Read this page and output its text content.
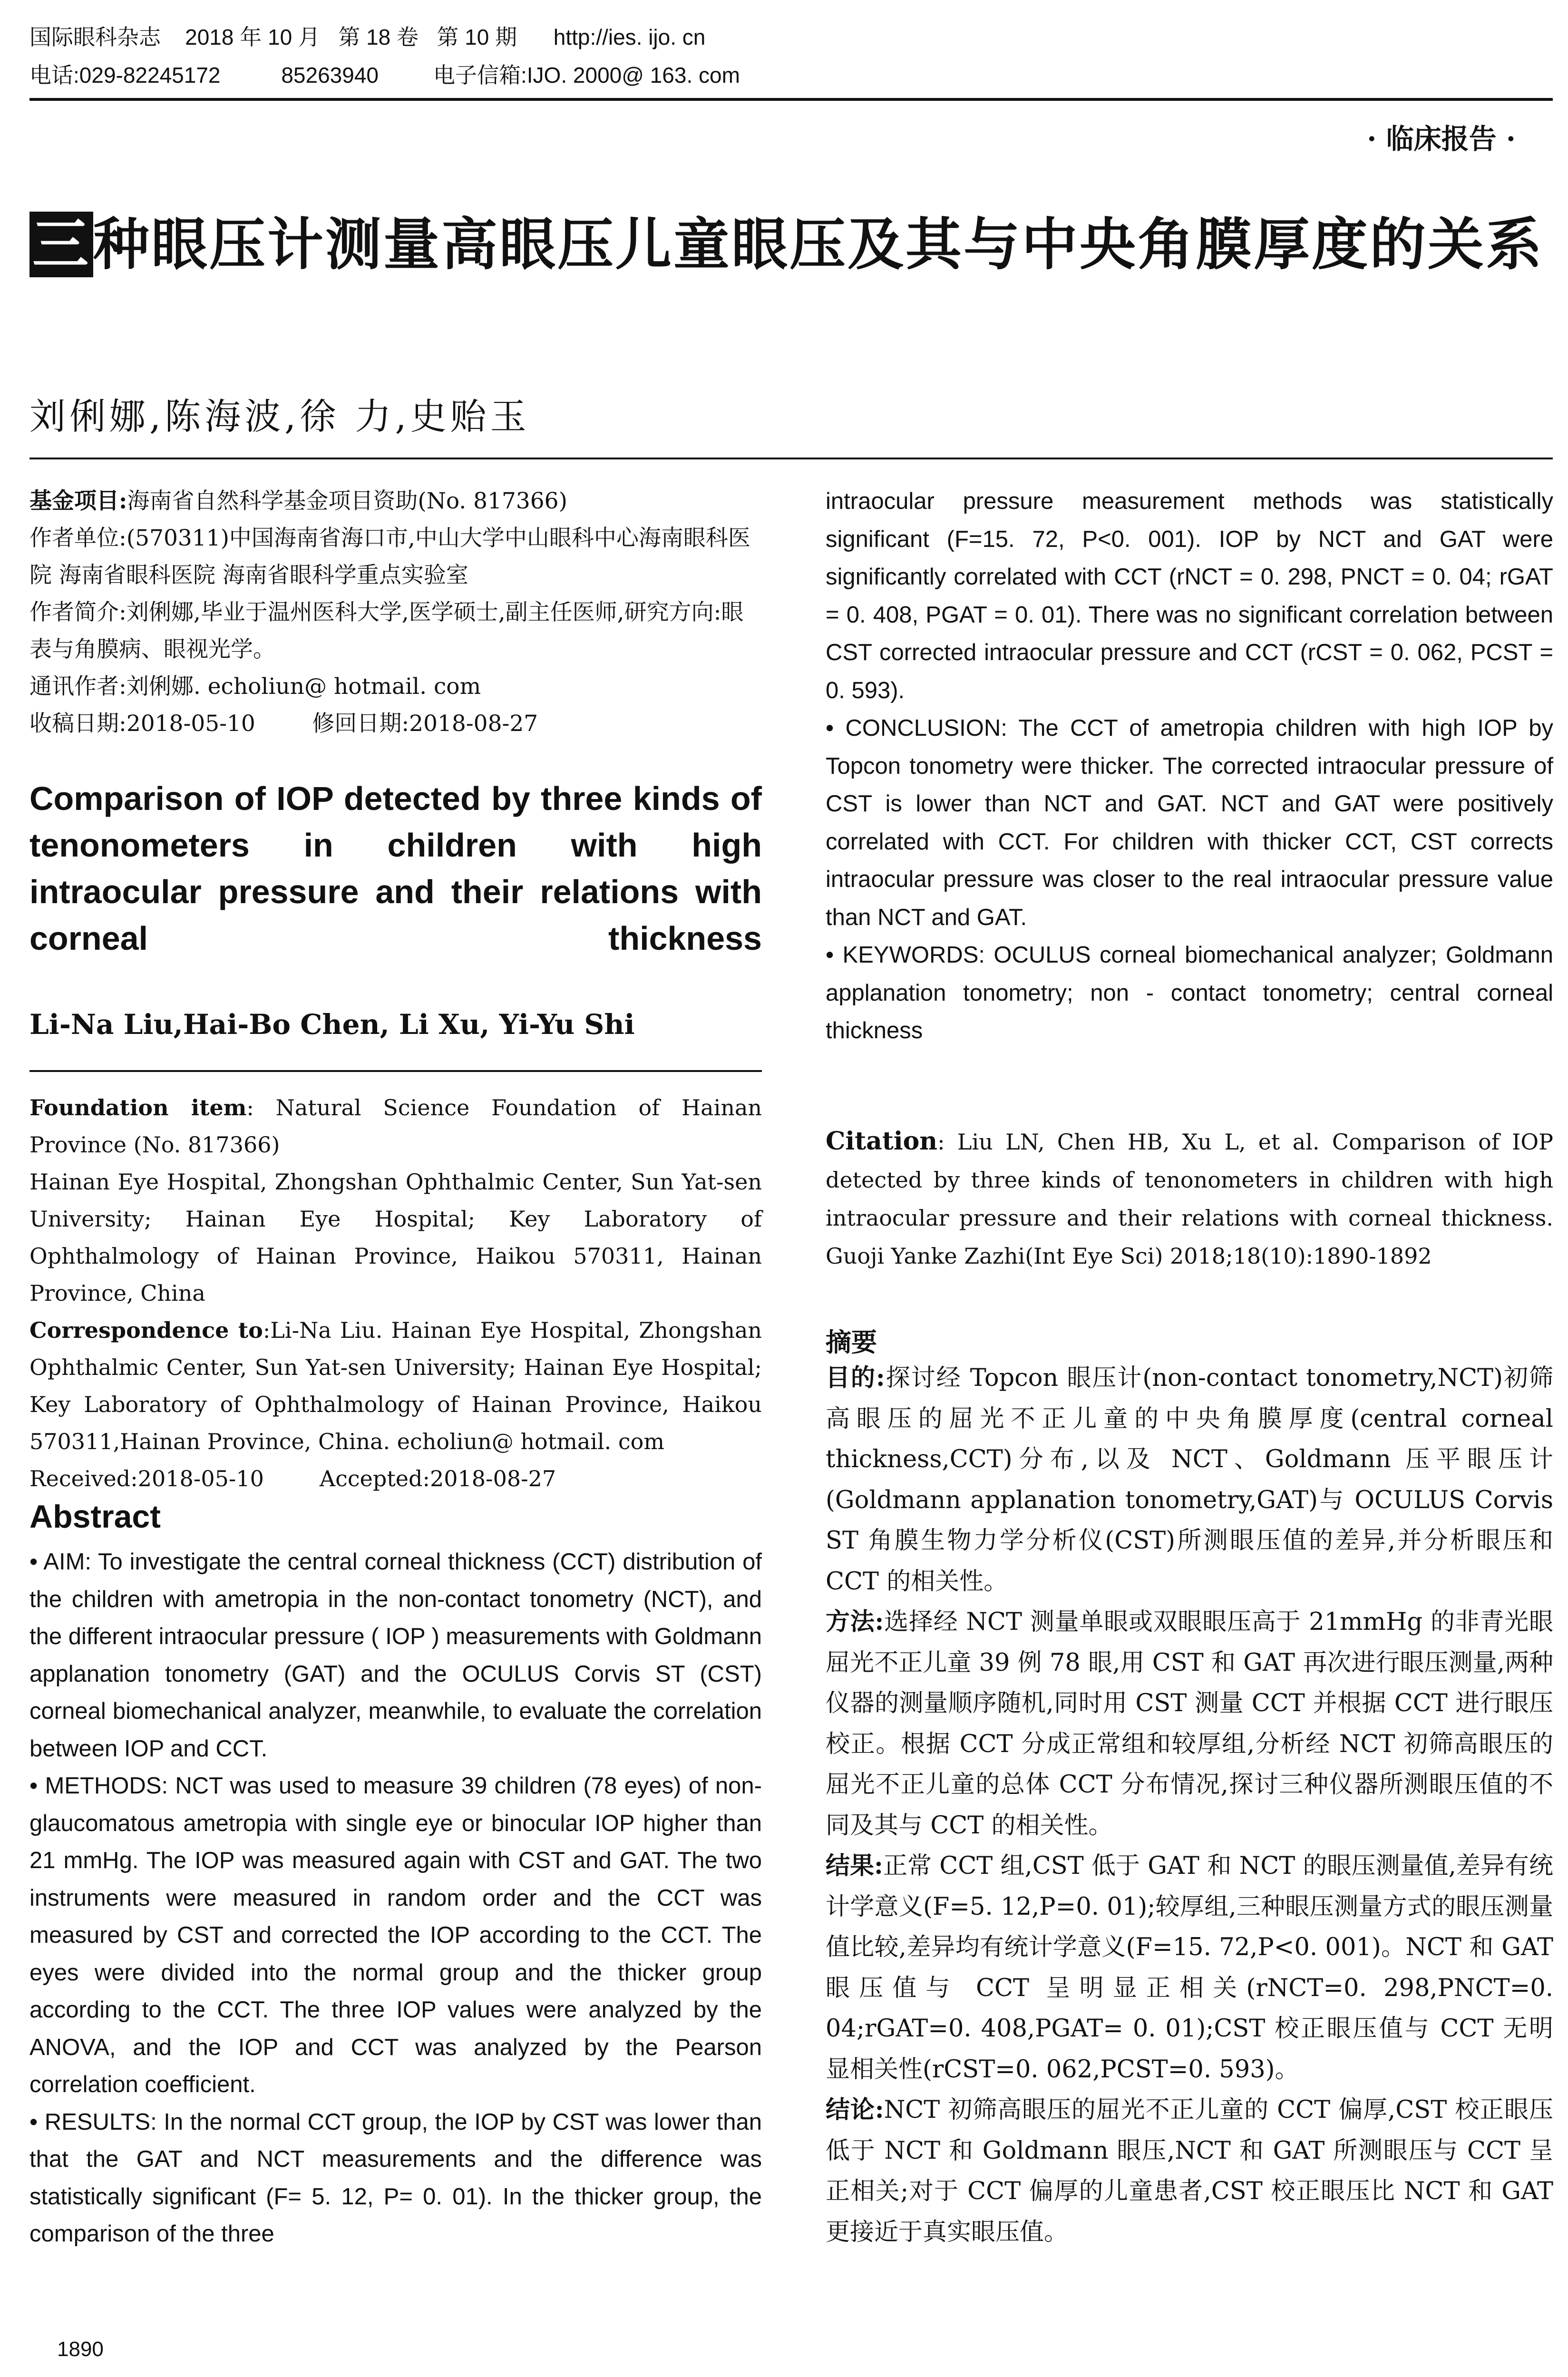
国际眼科杂志    2018 年 10 月   第 18 卷   第 10 期      http://ies. ijo. cn
电话:029-82245172          85263940         电子信箱:IJO. 2000@ 163. com
· 临床报告 ·
三种眼压计测量高眼压儿童眼压及其与中央角膜厚度的关系
刘俐娜,陈海波,徐 力,史贻玉
基金项目:海南省自然科学基金项目资助(No. 817366)
作者单位:(570311)中国海南省海口市,中山大学中山眼科中心海南眼科医院 海南省眼科医院 海南省眼科学重点实验室
作者简介:刘俐娜,毕业于温州医科大学,医学硕士,副主任医师,研究方向:眼表与角膜病、眼视光学。
通讯作者:刘俐娜. echoliun@ hotmail. com
收稿日期:2018-05-10        修回日期:2018-08-27
Comparison of IOP detected by three kinds of tenonometers in children with high intraocular pressure and their relations with corneal thickness
Li-Na Liu,Hai-Bo Chen, Li Xu, Yi-Yu Shi
Foundation item: Natural Science Foundation of Hainan Province (No. 817366)
Hainan Eye Hospital, Zhongshan Ophthalmic Center, Sun Yat-sen University; Hainan Eye Hospital; Key Laboratory of Ophthalmology of Hainan Province, Haikou 570311, Hainan Province, China
Correspondence to:Li-Na Liu. Hainan Eye Hospital, Zhongshan Ophthalmic Center, Sun Yat-sen University; Hainan Eye Hospital; Key Laboratory of Ophthalmology of Hainan Province, Haikou 570311,Hainan Province, China. echoliun@ hotmail. com
Received:2018-05-10        Accepted:2018-08-27
Abstract

• AIM: To investigate the central corneal thickness (CCT) distribution of the children with ametropia in the non-contact tonometry (NCT), and the different intraocular pressure ( IOP ) measurements with Goldmann applanation tonometry (GAT) and the OCULUS Corvis ST (CST) corneal biomechanical analyzer, meanwhile, to evaluate the correlation between IOP and CCT.

• METHODS: NCT was used to measure 39 children (78 eyes) of non-glaucomatous ametropia with single eye or binocular IOP higher than 21 mmHg. The IOP was measured again with CST and GAT. The two instruments were measured in random order and the CCT was measured by CST and corrected the IOP according to the CCT. The eyes were divided into the normal group and the thicker group according to the CCT. The three IOP values were analyzed by the ANOVA, and the IOP and CCT was analyzed by the Pearson correlation coefficient.

• RESULTS: In the normal CCT group, the IOP by CST was lower than that the GAT and NCT measurements and the difference was statistically significant (F= 5. 12, P= 0. 01). In the thicker group, the comparison of the three

intraocular pressure measurement methods was statistically significant (F=15. 72, P<0. 001). IOP by NCT and GAT were significantly correlated with CCT (rNCT = 0. 298, PNCT = 0. 04; rGAT = 0. 408, PGAT = 0. 01). There was no significant correlation between CST corrected intraocular pressure and CCT (rCST = 0. 062, PCST = 0. 593).

• CONCLUSION: The CCT of ametropia children with high IOP by Topcon tonometry were thicker. The corrected intraocular pressure of CST is lower than NCT and GAT. NCT and GAT were positively correlated with CCT. For children with thicker CCT, CST corrects intraocular pressure was closer to the real intraocular pressure value than NCT and GAT.

• KEYWORDS: OCULUS corneal biomechanical analyzer; Goldmann applanation tonometry; non - contact tonometry; central corneal thickness

Citation: Liu LN, Chen HB, Xu L, et al. Comparison of IOP detected by three kinds of tenonometers in children with high intraocular pressure and their relations with corneal thickness. Guoji Yanke Zazhi(Int Eye Sci) 2018;18(10):1890-1892
摘要

目的:探讨经 Topcon 眼压计(non-contact tonometry,NCT)初筛高眼压的屈光不正儿童的中央角膜厚度(central corneal thickness,CCT)分布,以及 NCT、Goldmann 压平眼压计(Goldmann applanation tonometry,GAT)与 OCULUS Corvis ST 角膜生物力学分析仪(CST)所测眼压值的差异,并分析眼压和 CCT 的相关性。

方法:选择经 NCT 测量单眼或双眼眼压高于 21mmHg 的非青光眼屈光不正儿童 39 例 78 眼,用 CST 和 GAT 再次进行眼压测量,两种仪器的测量顺序随机,同时用 CST 测量 CCT 并根据 CCT 进行眼压校正。根据 CCT 分成正常组和较厚组,分析经 NCT 初筛高眼压的屈光不正儿童的总体 CCT 分布情况,探讨三种仪器所测眼压值的不同及其与 CCT 的相关性。

结果:正常 CCT 组,CST 低于 GAT 和 NCT 的眼压测量值,差异有统计学意义(F=5. 12,P=0. 01);较厚组,三种眼压测量方式的眼压测量值比较,差异均有统计学意义(F=15. 72,P<0. 001)。NCT 和 GAT 眼压值与 CCT 呈明显正相关(rNCT=0. 298,PNCT=0. 04;rGAT=0. 408,PGAT= 0. 01);CST 校正眼压值与 CCT 无明显相关性(rCST=0. 062,PCST=0. 593)。

结论:NCT 初筛高眼压的屈光不正儿童的 CCT 偏厚,CST 校正眼压低于 NCT 和 Goldmann 眼压,NCT 和 GAT 所测眼压与 CCT 呈正相关;对于 CCT 偏厚的儿童患者,CST 校正眼压比 NCT 和 GAT 更接近于真实眼压值。

1890
